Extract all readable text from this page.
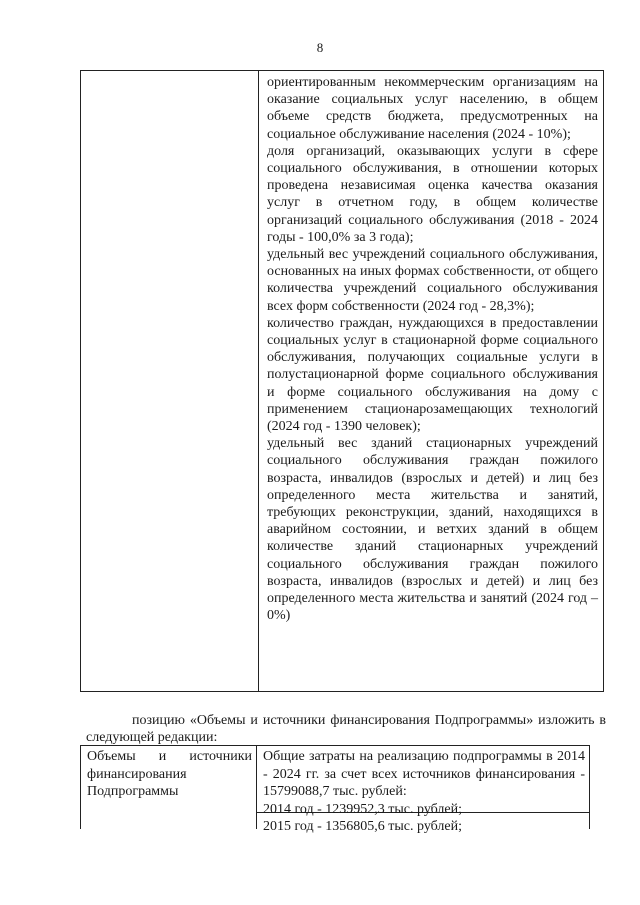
8

ориентированным некоммерческим организациям на оказание социальных услуг населению, в общем объеме средств бюджета, предусмотренных на социальное обслуживание населения (2024 - 10%);

доля организаций, оказывающих услуги в сфере социального обслуживания, в отношении которых проведена независимая оценка качества оказания услуг в отчетном году, в общем количестве организаций социального обслуживания (2018 - 2024 годы - 100,0% за 3 года);

удельный вес учреждений социального обслуживания, основанных на иных формах собственности, от общего количества учреждений социального обслуживания всех форм собственности (2024 год - 28,3%);

количество граждан, нуждающихся в предоставлении социальных услуг в стационарной форме социального обслуживания, получающих социальные услуги в полустационарной форме социального обслуживания и форме социального обслуживания на дому с применением стационарозамещающих технологий (2024 год - 1390 человек);

удельный вес зданий стационарных учреждений социального обслуживания граждан пожилого возраста, инвалидов (взрослых и детей) и лиц без определенного места жительства и занятий, требующих реконструкции, зданий, находящихся в аварийном состоянии, и ветхих зданий в общем количестве зданий стационарных учреждений социального обслуживания граждан пожилого возраста, инвалидов (взрослых и детей) и лиц без определенного места жительства и занятий (2024 год – 0%)

позицию «Объемы и источники финансирования Подпрограммы» изложить в следующей редакции:
Объемы и источники финансирования Подпрограммы

Общие затраты на реализацию подпрограммы в 2014 - 2024 гг. за счет всех источников финансирования - 15799088,7 тыс. рублей:

2014 год - 1239952,3 тыс. рублей;

2015 год - 1356805,6 тыс. рублей;
